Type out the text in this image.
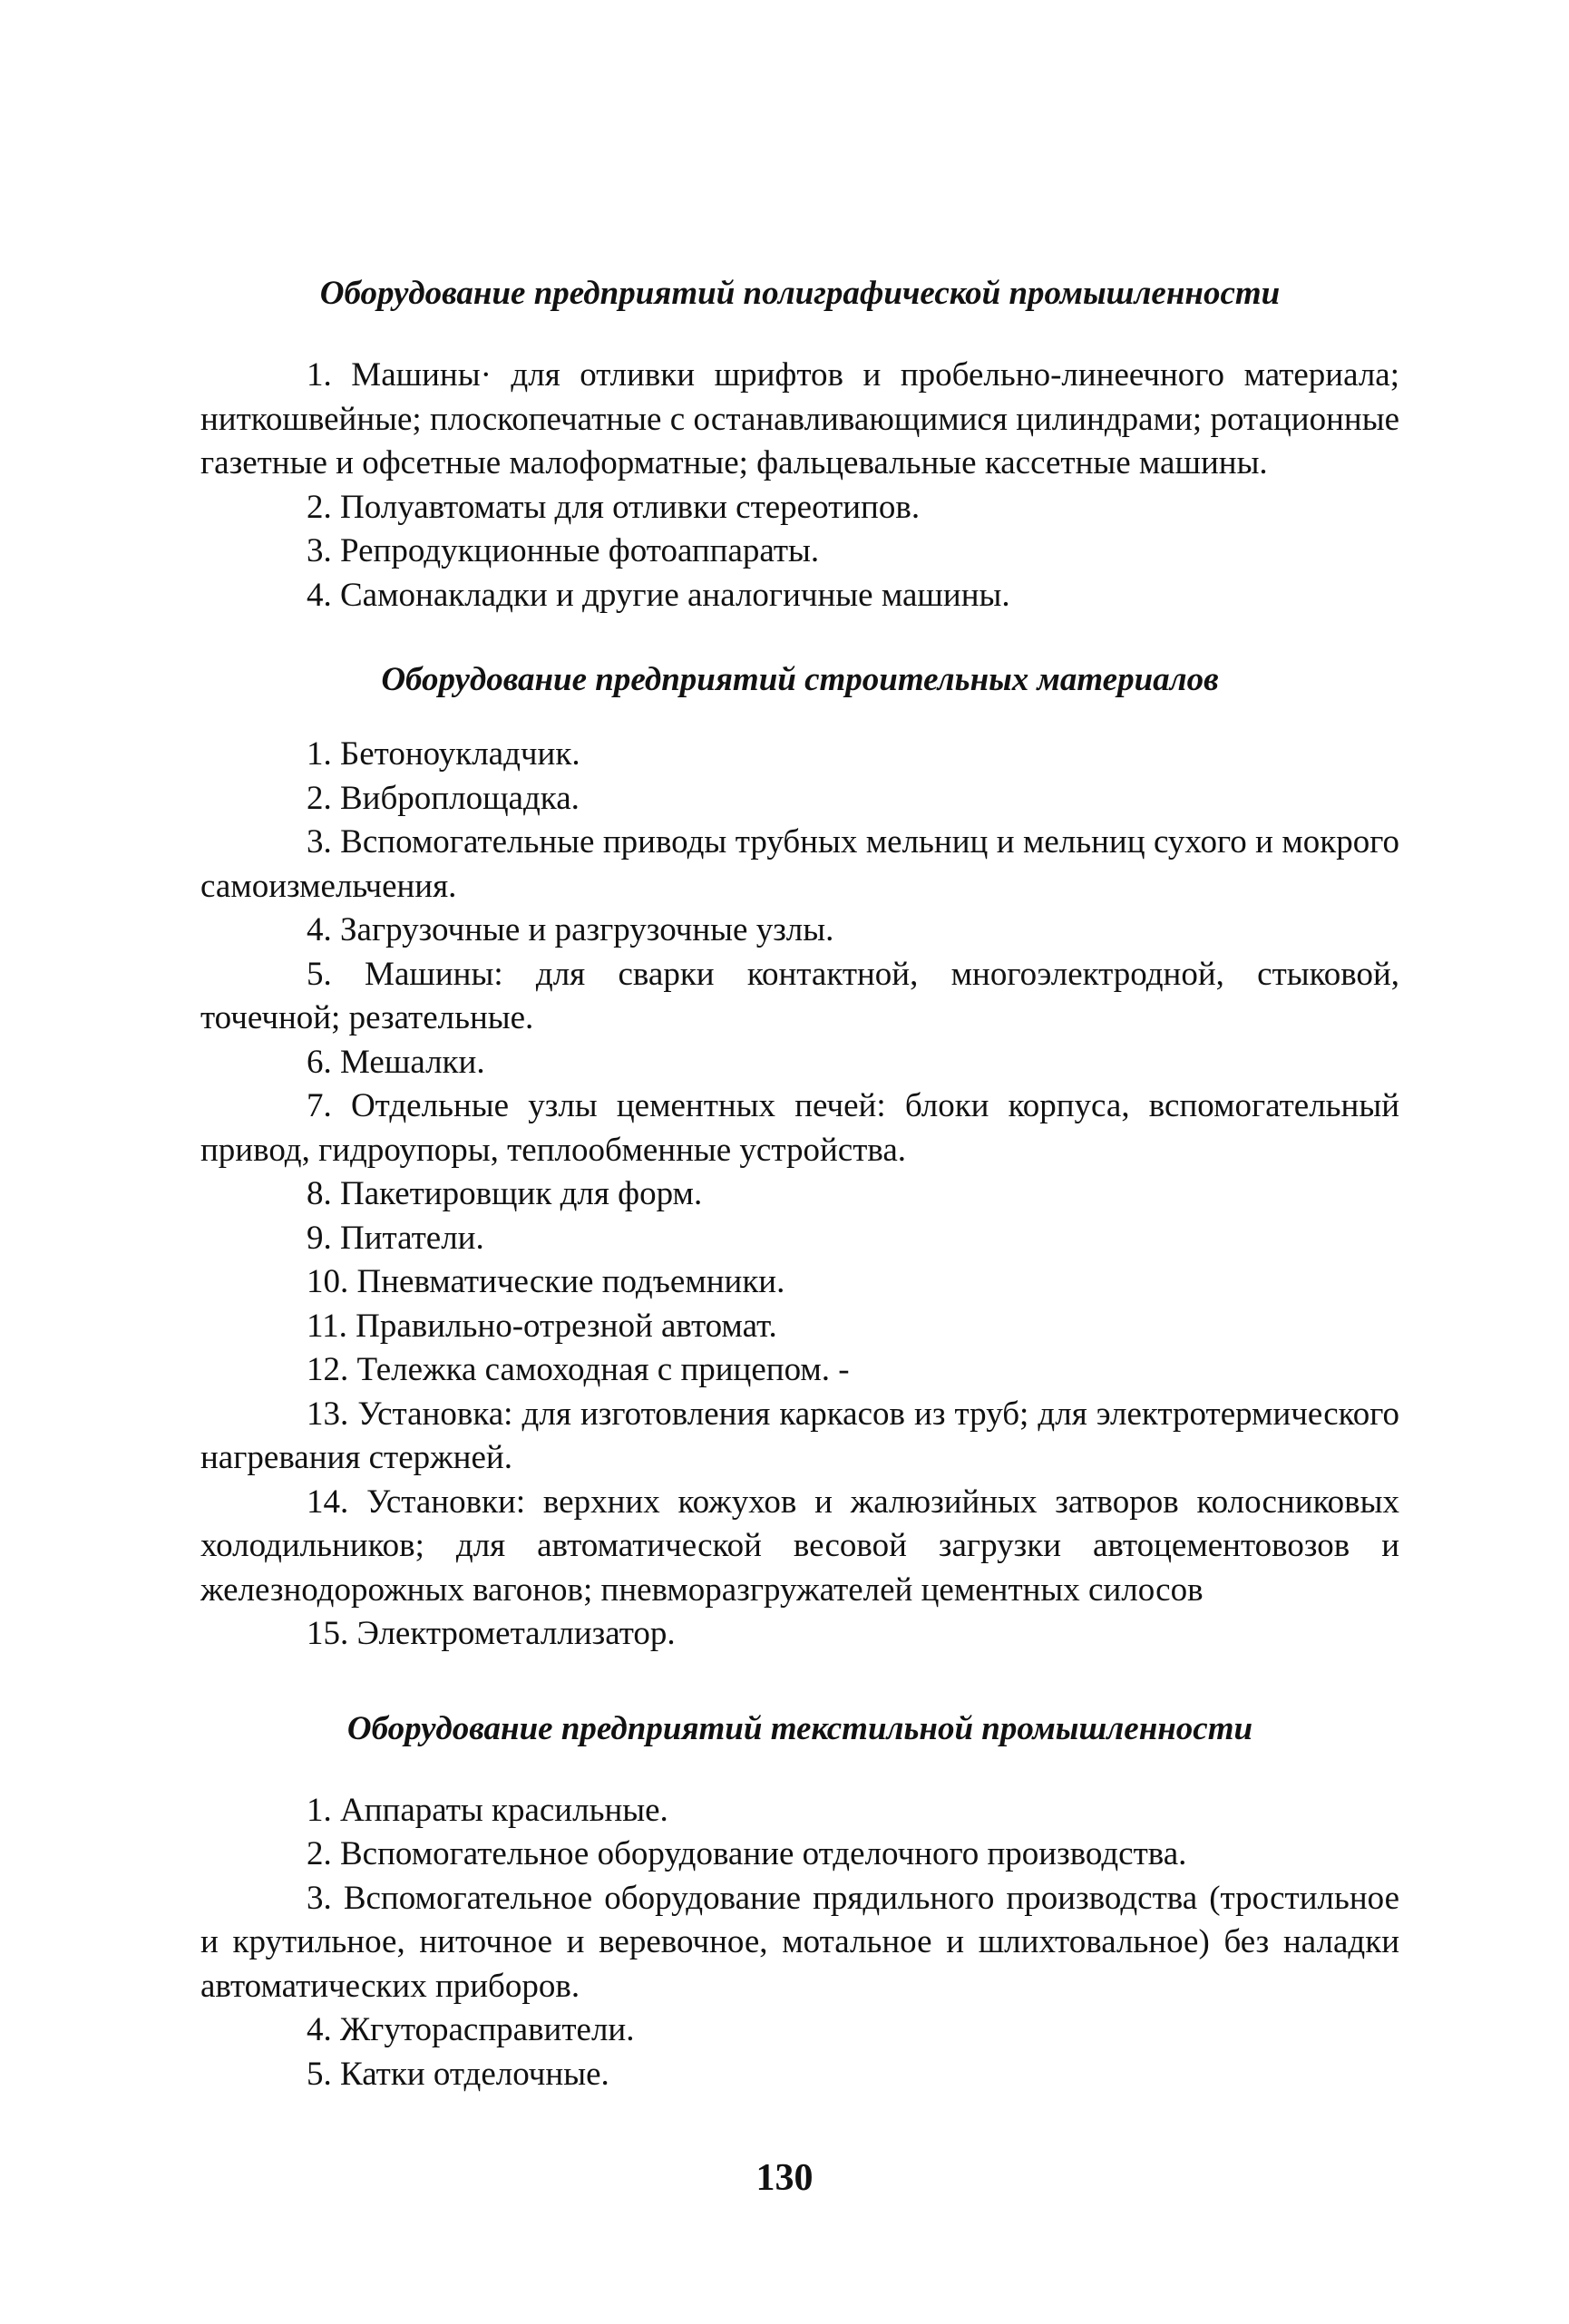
Оборудование предприятий полиграфической промышленности

1. Машины· для отливки шрифтов и пробельно-линеечного материала; ниткошвейные; плоскопечатные с останавливающимися цилиндрами; ротационные газетные и офсетные малоформатные; фальцевальные кассетные машины.

2. Полуавтоматы для отливки стереотипов.

3. Репродукционные фотоаппараты.

4. Самонакладки и другие аналогичные машины.

Оборудование предприятий строительных материалов

1. Бетоноукладчик.

2. Виброплощадка.

3. Вспомогательные приводы трубных мельниц и мельниц сухого и мокрого самоизмельчения.

4. Загрузочные и разгрузочные узлы.

5. Машины: для сварки контактной, многоэлектродной, стыковой, точечной; резательные.

6. Мешалки.

7. Отдельные узлы цементных печей: блоки корпуса, вспомогательный привод, гидроупоры, теплообменные устройства.

8. Пакетировщик для форм.

9. Питатели.

10. Пневматические подъемники.

11. Правильно-отрезной автомат.

12. Тележка самоходная с прицепом. -

13. Установка: для изготовления каркасов из труб; для электротермического нагревания стержней.

14. Установки: верхних кожухов и жалюзийных затворов колосниковых холодильников; для автоматической весовой загрузки автоцементовозов и железнодорожных вагонов; пневморазгружателей цементных силосов

15. Электрометаллизатор.

Оборудование предприятий текстильной промышленности

1. Аппараты красильные.

2. Вспомогательное оборудование отделочного производства.

3. Вспомогательное оборудование прядильного производства (тростильное и крутильное, ниточное и веревочное, мотальное и шлихтовальное) без наладки автоматических приборов.

4. Жгутораспрaвители.

5. Катки отделочные.

130
